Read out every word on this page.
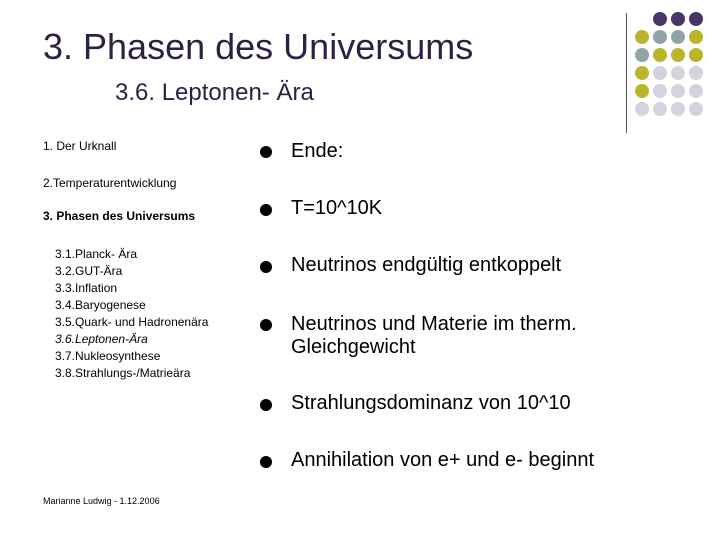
3. Phasen des Universums
3.6. Leptonen- Ära
1. Der Urknall
2.Temperaturentwicklung
3. Phasen des Universums
3.1.Planck- Ära
3.2.GUT-Ära
3.3.Inflation
3.4.Baryogenese
3.5.Quark- und Hadronenära
3.6.Leptonen-Ära
3.7.Nukleosynthese
3.8.Strahlungs-/Matrieära
Marianne Ludwig - 1.12.2006
Ende:
T=10^10K
Neutrinos endgültig entkoppelt
Neutrinos und Materie im therm. Gleichgewicht
Strahlungsdominanz von 10^10
Annihilation von e+ und e- beginnt
